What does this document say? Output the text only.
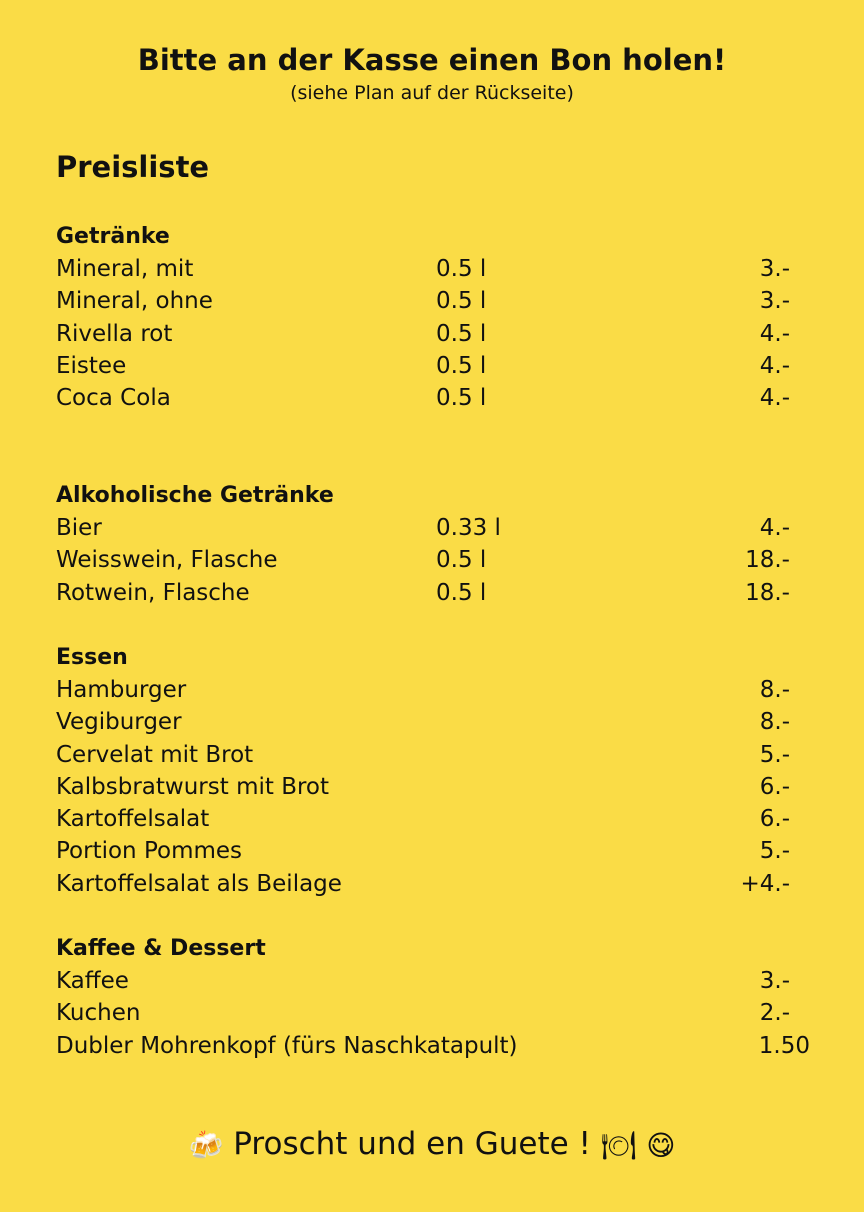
Bitte an der Kasse einen Bon holen!
(siehe Plan auf der Rückseite)
Preisliste
Getränke
Mineral, mit	0.5 l	3.-
Mineral, ohne	0.5 l	3.-
Rivella rot	0.5 l	4.-
Eistee	0.5 l	4.-
Coca Cola	0.5 l	4.-
Alkoholische Getränke
Bier	0.33 l	4.-
Weisswein, Flasche	0.5 l	18.-
Rotwein, Flasche	0.5 l	18.-
Essen
Hamburger	8.-
Vegiburger	8.-
Cervelat mit Brot	5.-
Kalbsbratwurst mit Brot	6.-
Kartoffelsalat	6.-
Portion Pommes	5.-
Kartoffelsalat als Beilage	+4.-
Kaffee & Dessert
Kaffee	3.-
Kuchen	2.-
Dubler Mohrenkopf (fürs Naschkatapult)	1.50
🍻 Proscht und en Guete ! 🍽 😋
